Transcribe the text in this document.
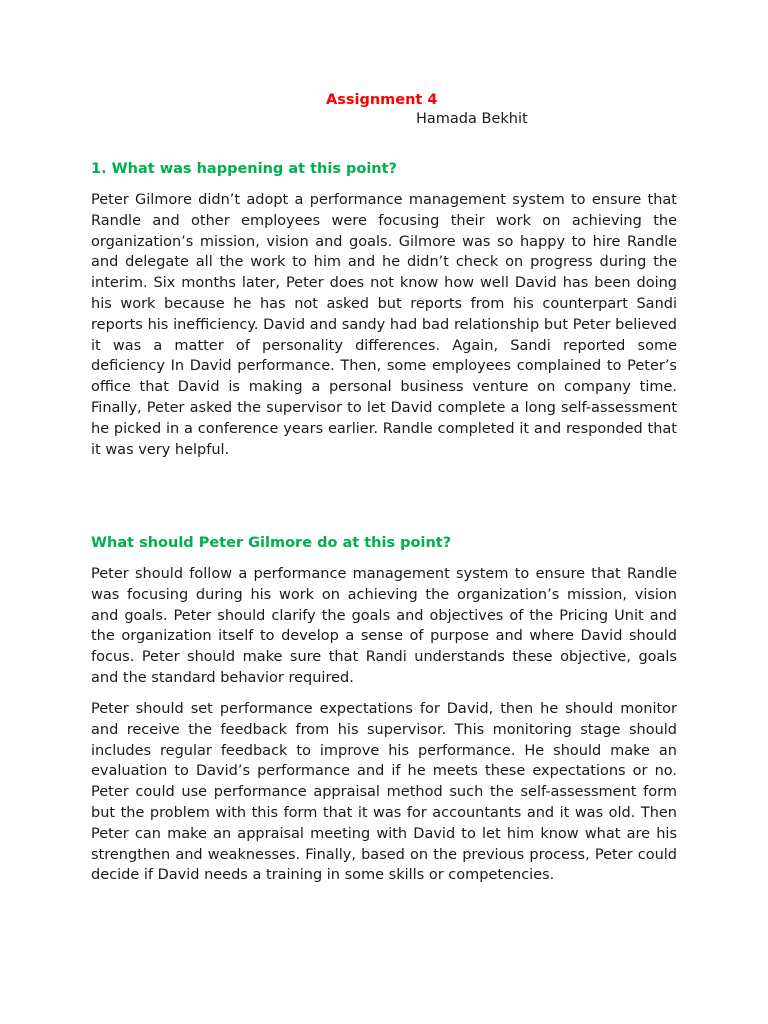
Assignment 4

Hamada Bekhit

1. What was happening at this point?

Peter Gilmore didn’t adopt a performance management system to ensure that Randle and other employees were focusing their work on achieving the organization’s mission, vision and goals. Gilmore was so happy to hire Randle and delegate all the work to him and he didn’t check on progress during the interim. Six months later, Peter does not know how well David has been doing his work because he has not asked but reports from his counterpart Sandi reports his inefficiency. David and sandy had bad relationship but Peter believed it was a matter of personality differences. Again, Sandi reported some deficiency In David performance. Then, some employees complained to Peter’s office that David is making a personal business venture on company time. Finally, Peter asked the supervisor to let David complete a long self-assessment he picked in a conference years earlier. Randle completed it and responded that it was very helpful.

What should Peter Gilmore do at this point?

Peter should follow a performance management system to ensure that Randle was focusing during his work on achieving the organization’s mission, vision and goals. Peter should clarify the goals and objectives of the Pricing Unit and the organization itself to develop a sense of purpose and where David should focus. Peter should make sure that Randi understands these objective, goals and the standard behavior required.

Peter should set performance expectations for David, then he should monitor and receive the feedback from his supervisor. This monitoring stage should includes regular feedback to improve his performance. He should make an evaluation to David’s performance and if he meets these expectations or no. Peter could use performance appraisal method such the self-assessment form but the problem with this form that it was for accountants and it was old. Then Peter can make an appraisal meeting with David to let him know what are his strengthen and weaknesses. Finally, based on the previous process, Peter could decide if David needs a training in some skills or competencies.
